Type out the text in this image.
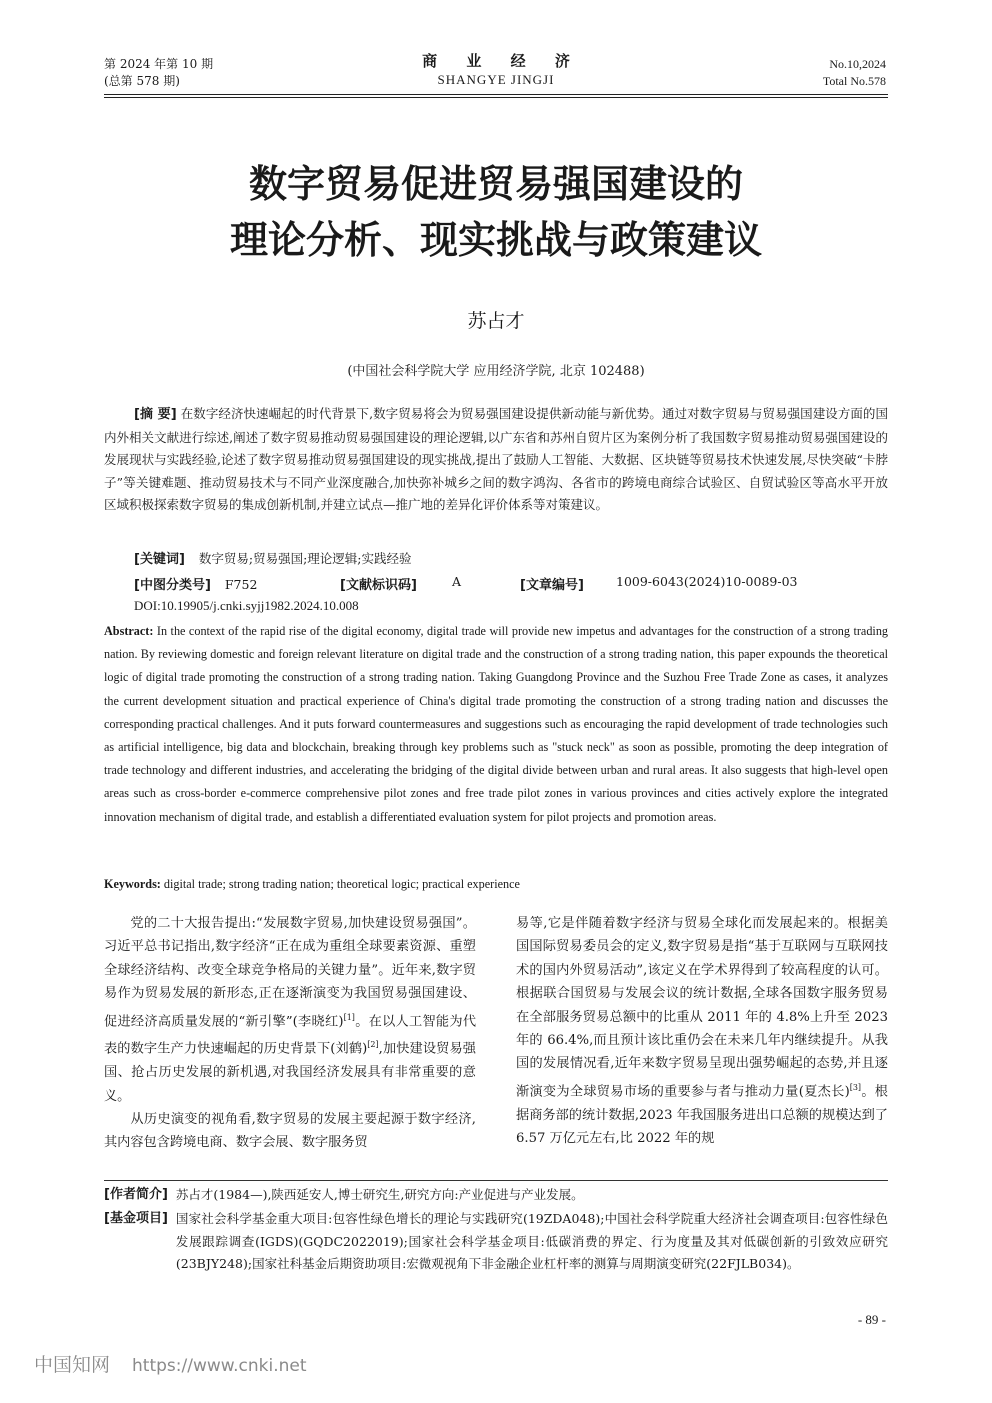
第 2024 年第 10 期
(总第 578 期)
商 业 经 济
SHANGYE JINGJI
No.10,2024
Total No.578
数字贸易促进贸易强国建设的
理论分析、现实挑战与政策建议
苏占才
(中国社会科学院大学 应用经济学院, 北京 102488)
[摘 要] 在数字经济快速崛起的时代背景下,数字贸易将会为贸易强国建设提供新动能与新优势。通过对数字贸易与贸易强国建设方面的国内外相关文献进行综述,阐述了数字贸易推动贸易强国建设的理论逻辑,以广东省和苏州自贸片区为案例分析了我国数字贸易推动贸易强国建设的发展现状与实践经验,论述了数字贸易推动贸易强国建设的现实挑战,提出了鼓励人工智能、大数据、区块链等贸易技术快速发展,尽快突破“卡脖子”等关键难题、推动贸易技术与不同产业深度融合,加快弥补城乡之间的数字鸿沟、各省市的跨境电商综合试验区、自贸试验区等高水平开放区域积极探索数字贸易的集成创新机制,并建立试点—推广地的差异化评价体系等对策建议。
[关键词] 数字贸易;贸易强国;理论逻辑;实践经验
[中图分类号] F752	[文献标识码]	A	[文章编号]	1009-6043(2024)10-0089-03
DOI:10.19905/j.cnki.syjj1982.2024.10.008
Abstract: In the context of the rapid rise of the digital economy, digital trade will provide new impetus and advantages for the construction of a strong trading nation. By reviewing domestic and foreign relevant literature on digital trade and the construction of a strong trading nation, this paper expounds the theoretical logic of digital trade promoting the construction of a strong trading nation. Taking Guangdong Province and the Suzhou Free Trade Zone as cases, it analyzes the current development situation and practical experience of China's digital trade promoting the construction of a strong trading nation and discusses the corresponding practical challenges. And it puts forward countermeasures and suggestions such as encouraging the rapid development of trade technologies such as artificial intelligence, big data and blockchain, breaking through key problems such as "stuck neck" as soon as possible, promoting the deep integration of trade technology and different industries, and accelerating the bridging of the digital divide between urban and rural areas. It also suggests that high-level open areas such as cross-border e-commerce comprehensive pilot zones and free trade pilot zones in various provinces and cities actively explore the integrated innovation mechanism of digital trade, and establish a differentiated evaluation system for pilot projects and promotion areas.
Keywords: digital trade; strong trading nation; theoretical logic; practical experience

党的二十大报告提出:“发展数字贸易,加快建设贸易强国”。习近平总书记指出,数字经济“正在成为重组全球要素资源、重塑全球经济结构、改变全球竞争格局的关键力量”。近年来,数字贸易作为贸易发展的新形态,正在逐渐演变为我国贸易强国建设、促进经济高质量发展的“新引擎”(李晓红)[1]。在以人工智能为代表的数字生产力快速崛起的历史背景下(刘鹤)[2],加快建设贸易强国、抢占历史发展的新机遇,对我国经济发展具有非常重要的意义。

从历史演变的视角看,数字贸易的发展主要起源于数字经济,其内容包含跨境电商、数字会展、数字服务贸

易等,它是伴随着数字经济与贸易全球化而发展起来的。根据美国国际贸易委员会的定义,数字贸易是指“基于互联网与互联网技术的国内外贸易活动”,该定义在学术界得到了较高程度的认可。根据联合国贸易与发展会议的统计数据,全球各国数字服务贸易在全部服务贸易总额中的比重从 2011 年的 4.8%上升至 2023 年的 66.4%,而且预计该比重仍会在未来几年内继续提升。从我国的发展情况看,近年来数字贸易呈现出强势崛起的态势,并且逐渐演变为全球贸易市场的重要参与者与推动力量(夏杰长)[3]。根据商务部的统计数据,2023 年我国服务进出口总额的规模达到了 6.57 万亿元左右,比 2022 年的规

[作者简介] 苏占才(1984—),陕西延安人,博士研究生,研究方向:产业促进与产业发展。
[基金项目] 国家社会科学基金重大项目:包容性绿色增长的理论与实践研究(19ZDA048);中国社会科学院重大经济社会调查项目:包容性绿色发展跟踪调查(IGDS)(GQDC2022019);国家社会科学基金项目:低碳消费的界定、行为度量及其对低碳创新的引致效应研究(23BJY248);国家社科基金后期资助项目:宏微观视角下非金融企业杠杆率的测算与周期演变研究(22FJLB034)。
- 89 -
中国知网 https://www.cnki.net
